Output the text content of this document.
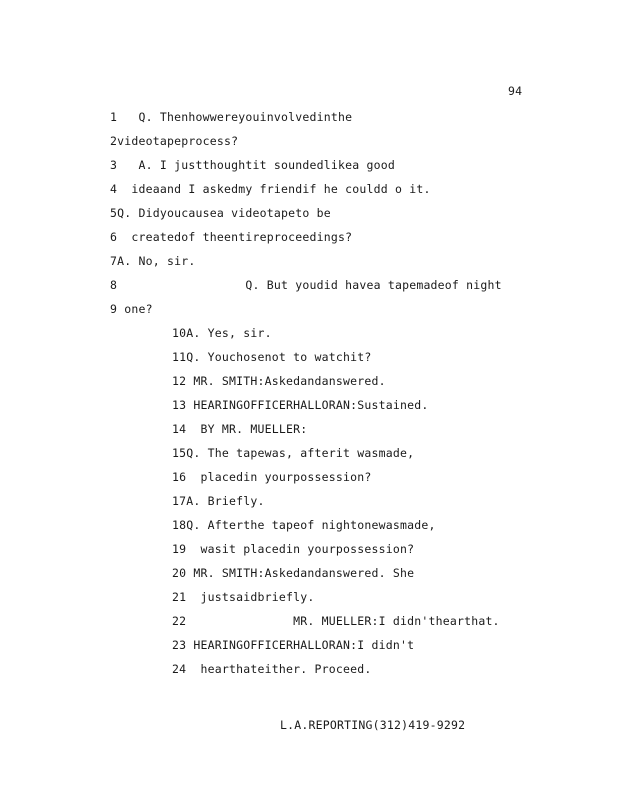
94
1   Q. Thenhowwereyouinvolvedinthe
2videotapeprocess?
3   A. I justthoughtit soundedlikea good
4  ideaand I askedmy friendif he couldd o it.
5Q. Didyoucausea videotapeto be
6  createdof theentireproceedings?
7A. No, sir.
8                  Q. But youdid havea tapemadeof night
9 one?
10A. Yes, sir.
11Q. Youchosenot to watchit?
12 MR. SMITH:Askedandanswered.
13 HEARINGOFFICERHALLORAN:Sustained.
14  BY MR. MUELLER:
15Q. The tapewas, afterit wasmade,
16  placedin yourpossession?
17A. Briefly.
18Q. Afterthe tapeof nightonewasmade,
19  wasit placedin yourpossession?
20 MR. SMITH:Askedandanswered. She
21  justsaidbriefly.
22               MR. MUELLER:I didn'thearthat.
23 HEARINGOFFICERHALLORAN:I didn't
24  hearthateither. Proceed.
L.A.REPORTING(312)419-9292
